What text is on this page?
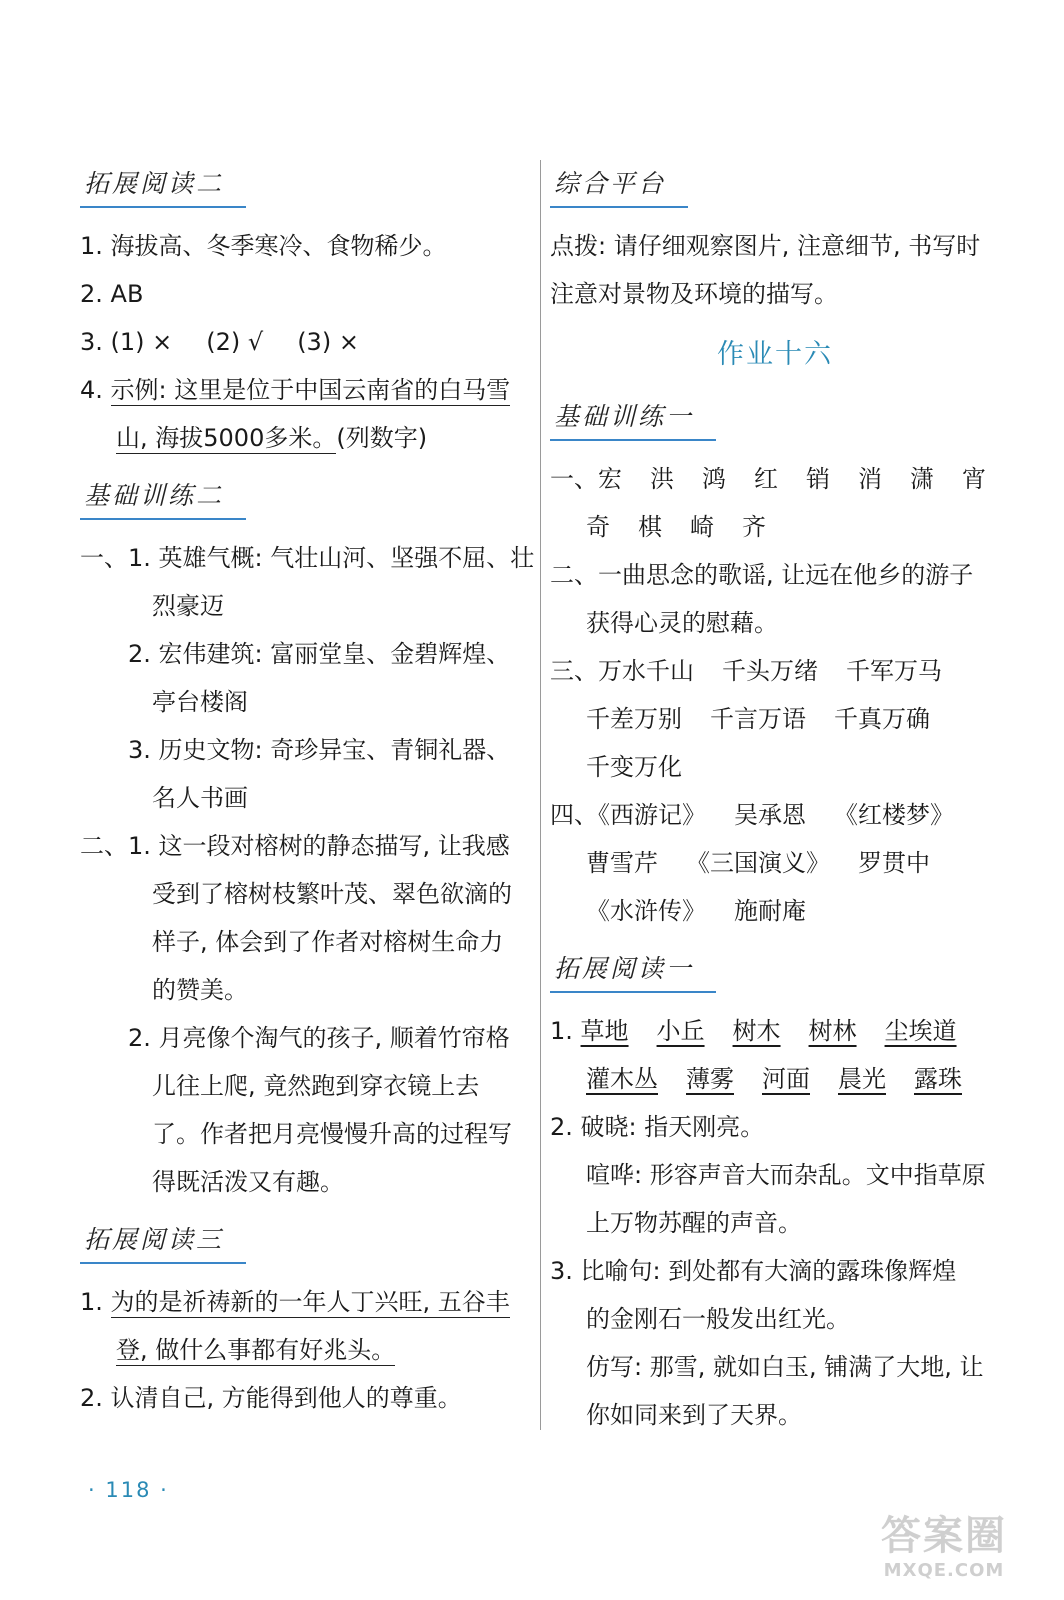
拓展阅读二
1. 海拔高、冬季寒冷、食物稀少。
2. AB
3. (1) × (2) √ (3) ×
4. 示例: 这里是位于中国云南省的白马雪
山, 海拔5000多米。(列数字)
基础训练二
一、1. 英雄气概: 气壮山河、坚强不屈、壮
烈豪迈
2. 宏伟建筑: 富丽堂皇、金碧辉煌、
亭台楼阁
3. 历史文物: 奇珍异宝、青铜礼器、
名人书画
二、1. 这一段对榕树的静态描写, 让我感
受到了榕树枝繁叶茂、翠色欲滴的
样子, 体会到了作者对榕树生命力
的赞美。
2. 月亮像个淘气的孩子, 顺着竹帘格
儿往上爬, 竟然跑到穿衣镜上去
了。作者把月亮慢慢升高的过程写
得既活泼又有趣。
拓展阅读三
1. 为的是祈祷新的一年人丁兴旺, 五谷丰
登, 做什么事都有好兆头。
2. 认清自己, 方能得到他人的尊重。
综合平台
点拨: 请仔细观察图片, 注意细节, 书写时
注意对景物及环境的描写。
作业十六
基础训练一
一、宏 洪 鸿 红 销 消 潇 宵
奇 棋 崎 齐
二、一曲思念的歌谣, 让远在他乡的游子
获得心灵的慰藉。
三、万水千山 千头万绪 千军万马
千差万别 千言万语 千真万确
千变万化
四、《西游记》 吴承恩 《红楼梦》
曹雪芹 《三国演义》 罗贯中
《水浒传》 施耐庵
拓展阅读一
1. 草地 小丘 树木 树林 尘埃道
灌木丛 薄雾 河面 晨光 露珠
2. 破晓: 指天刚亮。
喧哗: 形容声音大而杂乱。文中指草原
上万物苏醒的声音。
3. 比喻句: 到处都有大滴的露珠像辉煌
的金刚石一般发出红光。
仿写: 那雪, 就如白玉, 铺满了大地, 让
你如同来到了天界。
· 118 ·
答案圈
MXQE.COM
